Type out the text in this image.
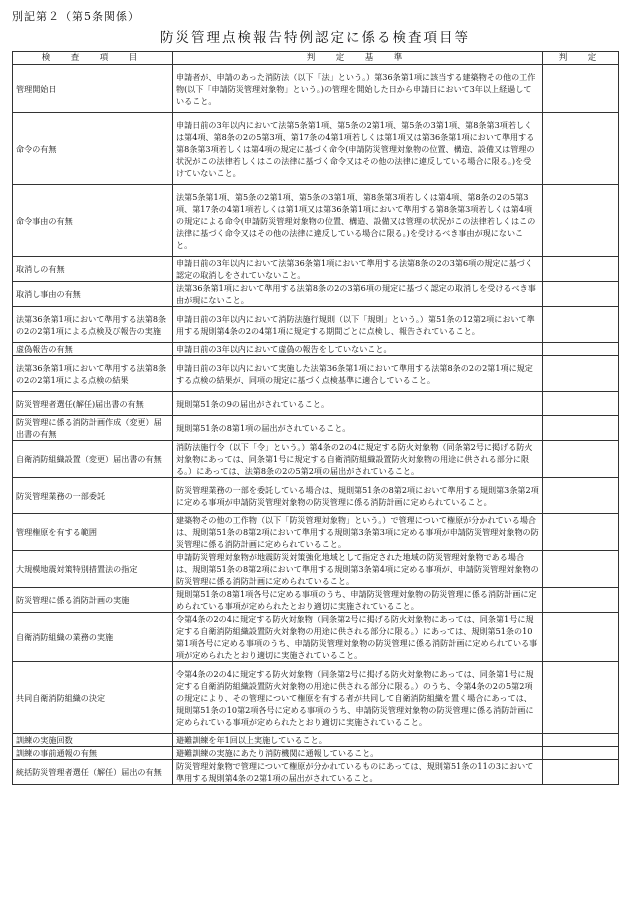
別記第２（第5条関係）
防災管理点検報告特例認定に係る検査項目等
検　査　項　目	判　定　基　準	判　定
管理開始日	申請者が、申請のあった消防法（以下「法」という。）第36条第1項に該当する建築物その他の工作物(以下「申請防災管理対象物」という。)の管理を開始した日から申請日において3年以上経過していること。	
命令の有無	申請日前の3年以内において法第5条第1項、第5条の2第1項、第5条の3第1項、第8条第3項若しくは第4項、第8条の2の5第3項、第17条の4第1項若しくは第1項又は第36条第1項において準用する第8条第3項若しくは第4項の規定に基づく命令(申請防災管理対象物の位置、構造、設備又は管理の状況がこの法律若しくはこの法律に基づく命令又はその他の法律に違反している場合に限る。)を受けていないこと。	
命令事由の有無	法第5条第1項、第5条の2第1項、第5条の3第1項、第8条第3項若しくは第4項、第8条の2の5第3項、第17条の4第1項若しくは第1項又は第36条第1項において準用する第8条第3項若しくは第4項の規定による命令(申請防災管理対象物の位置、構造、設備又は管理の状況がこの法律若しくはこの法律に基づく命令又はその他の法律に違反している場合に限る。)を受けるべき事由が現にないこと。	
取消しの有無	申請日前の3年以内において法第36条第1項において準用する法第8条の2の3第6項の規定に基づく認定の取消しをされていないこと。	
取消し事由の有無	法第36条第1項において準用する法第8条の2の3第6項の規定に基づく認定の取消しを受けるべき事由が現にないこと。	
法第36条第1項において準用する法第8条の2の2第1項による点検及び報告の実施	申請日前の3年以内において消防法施行規則（以下「規則」という。）第51条の12第2項において準用する規則第4条の2の4第1項に規定する期間ごとに点検し、報告されていること。	
虚偽報告の有無	申請日前の3年以内において虚偽の報告をしていないこと。	
法第36条第1項において準用する法第8条の2の2第1項による点検の結果	申請日前の3年以内において実施した法第36条第1項において準用する法第8条の2の2第1項に規定する点検の結果が、同項の規定に基づく点検基準に適合していること。	
防災管理者選任(解任)届出書の有無	規則第51条の9の届出がされていること。	
防災管理に係る消防計画作成（変更）届出書の有無	規則第51条の8第1項の届出がされていること。	
自衛消防組織設置（変更）届出書の有無	消防法施行令（以下「令」という。）第4条の2の4に規定する防火対象物（同条第2号に掲げる防火対象物にあっては、同条第1号に規定する自衛消防組織設置防火対象物の用途に供される部分に限る。）にあっては、法第8条の2の5第2項の届出がされていること。	
防災管理業務の一部委託	防災管理業務の一部を委託している場合は、規則第51条の8第2項において準用する規則第3条第2項に定める事項が申請防災管理対象物の防災管理に係る消防計画に定められていること。	
管理権原を有する範囲	建築物その他の工作物（以下「防災管理対象物」という。）で管理について権原が分かれている場合は、規則第51条の8第2項において準用する規則第3条第3項に定める事項が申請防災管理対象物の防災管理に係る消防計画に定められていること。	
大規模地震対策特別措置法の指定	申請防災管理対象物が地震防災対策強化地域として指定された地域の防災管理対象物である場合は、規則第51条の8第2項において準用する規則第3条第4項に定める事項が、申請防災管理対象物の防災管理に係る消防計画に定められていること。	
防災管理に係る消防計画の実施	規則第51条の8第1項各号に定める事項のうち、申請防災管理対象物の防災管理に係る消防計画に定められている事項が定められたとおり適切に実施されていること。	
自衛消防組織の業務の実施	令第4条の2の4に規定する防火対象物（同条第2号に掲げる防火対象物にあっては、同条第1号に規定する自衛消防組織設置防火対象物の用途に供される部分に限る。）にあっては、規則第51条の10第1項各号に定める事項のうち、申請防災管理対象物の防災管理に係る消防計画に定められている事項が定められたとおり適切に実施されていること。	
共同自衛消防組織の決定	令第4条の2の4に規定する防火対象物（同条第2号に掲げる防火対象物にあっては、同条第1号に規定する自衛消防組織設置防火対象物の用途に供される部分に限る。）のうち、令第4条の2の5第2項の規定により、その管理について権原を有する者が共同して自衛消防組織を置く場合にあっては、規則第51条の10第2項各号に定める事項のうち、申請防災管理対象物の防災管理に係る消防計画に定められている事項が定められたとおり適切に実施されていること。	
訓練の実施回数	避難訓練を年1回以上実施していること。	
訓練の事前通報の有無	避難訓練の実施にあたり消防機関に通報していること。	
統括防災管理者選任（解任）届出の有無	防災管理対象物で管理について権原が分かれているものにあっては、規則第51条の11の3において準用する規則第4条の2第1項の届出がされていること。	
